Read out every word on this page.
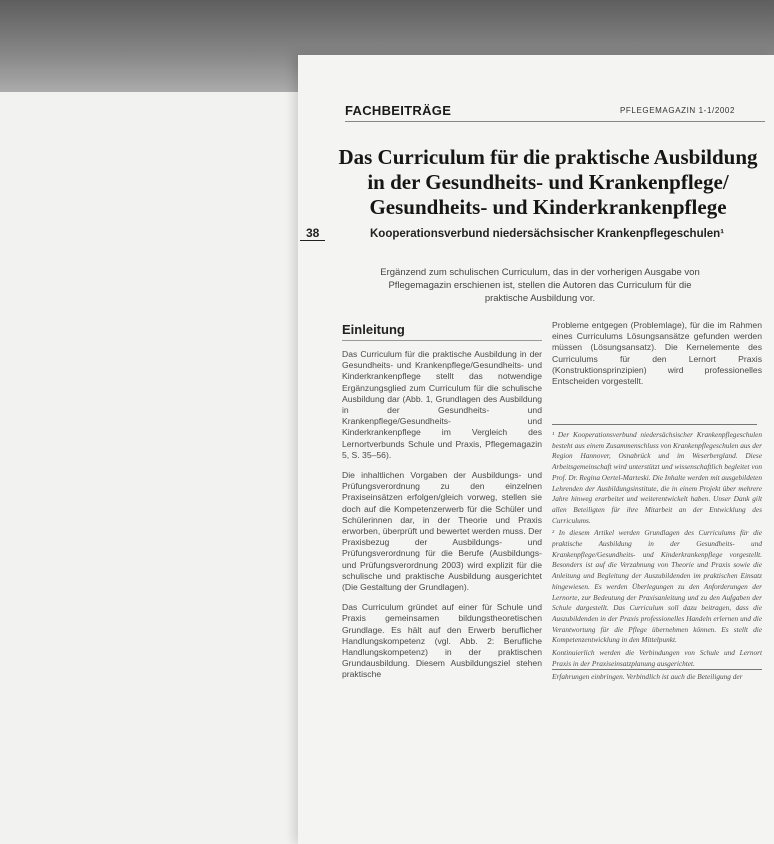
FACHBEITRÄGE	PFLEGEMAGAZIN 1-1/2002
Das Curriculum für die praktische Ausbildung
in der Gesundheits- und Krankenpflege/
Gesundheits- und Kinderkrankenpflege
38	Kooperationsverbund niedersächsischer Krankenpflegeschulen¹
Ergänzend zum schulischen Curriculum, das in der vorherigen Ausgabe von Pflegemagazin erschienen ist, stellen die Autoren das Curriculum für die praktische Ausbildung vor.
Einleitung

Das Curriculum für die praktische Ausbildung in der Gesundheits- und Krankenpflege/Gesundheits- und Kinderkrankenpflege stellt das notwendige Ergänzungsglied zum Curriculum für die schulische Ausbildung dar (Abb. 1, Grundlagen des Ausbildung in der Gesundheits- und Krankenpflege/Gesundheits- und Kinderkrankenpflege im Vergleich des Lernortverbunds Schule und Praxis, Pflegemagazin 5, S. 35–56).

Die inhaltlichen Vorgaben der Ausbildungs- und Prüfungsverordnung zu den einzelnen Praxiseinsätzen erfolgen/gleich vorweg, stellen sie doch auf die Kompetenzerwerb für die Schüler und Schülerinnen dar, in der Theorie und Praxis erworben, überprüft und bewertet werden muss. Der Praxisbezug der Ausbildungs- und Prüfungsverordnung für die Berufe (Ausbildungs- und Prüfungsverordnung 2003) wird explizit für die schulische und praktische Ausbildung ausgerichtet (Die Gestaltung der Grundlagen).

Das Curriculum gründet auf einer für Schule und Praxis gemeinsamen bildungstheoretischen Grundlage. Es hält auf den Erwerb beruflicher Handlungskompetenz (vgl. Abb. 2: Berufliche Handlungskompetenz) in der praktischen Grundausbildung. Diesem Ausbildungsziel stehen praktische

Probleme entgegen (Problemlage), für die im Rahmen eines Curriculums Lösungsansätze gefunden werden müssen (Lösungsansatz). Die Kernelemente des Curriculums für den Lernort Praxis (Konstruktionsprinzipien) wird professionelles Entscheiden vorgestellt.

¹ Der Kooperationsverbund niedersächsischer Krankenpflegeschulen besteht aus einem Zusammenschluss von Krankenpflegeschulen aus der Region Hannover, Osnabrück und im Weserbergland. Diese Arbeitsgemeinschaft wird unterstützt und wissenschaftlich begleitet von Prof. Dr. Regina Oertel-Marteski. Die Inhalte werden mit ausgebildeten Lehrenden der Ausbildungsinstitute, die in einem Projekt über mehrere Jahre hinweg erarbeitet und weiterentwickelt haben. Unser Dank gilt allen Beteiligten für ihre Mitarbeit an der Entwicklung des Curriculums.

² In diesem Artikel werden Grundlagen des Curriculums für die praktische Ausbildung in der Gesundheits- und Krankenpflege/Gesundheits- und Kinderkrankenpflege vorgestellt. Besonders ist auf die Verzahnung von Theorie und Praxis sowie die Anleitung und Begleitung der Auszubildenden im praktischen Einsatz hingewiesen. Es werden Überlegungen zu den Anforderungen der Lernorte, zur Bedeutung der Praxisanleitung und zu den Aufgaben der Schule dargestellt. Das Curriculum soll dazu beitragen, dass die Auszubildenden in der Praxis professionelles Handeln erlernen und die Verantwortung für die Pflege übernehmen können. Es stellt die Kompetenzentwicklung in den Mittelpunkt.

Kontinuierlich werden die Verbindungen von Schule und Lernort Praxis in der Praxiseinsatzplanung ausgerichtet.

Erfahrungen einbringen. Verbindlich ist auch die Beteiligung der
